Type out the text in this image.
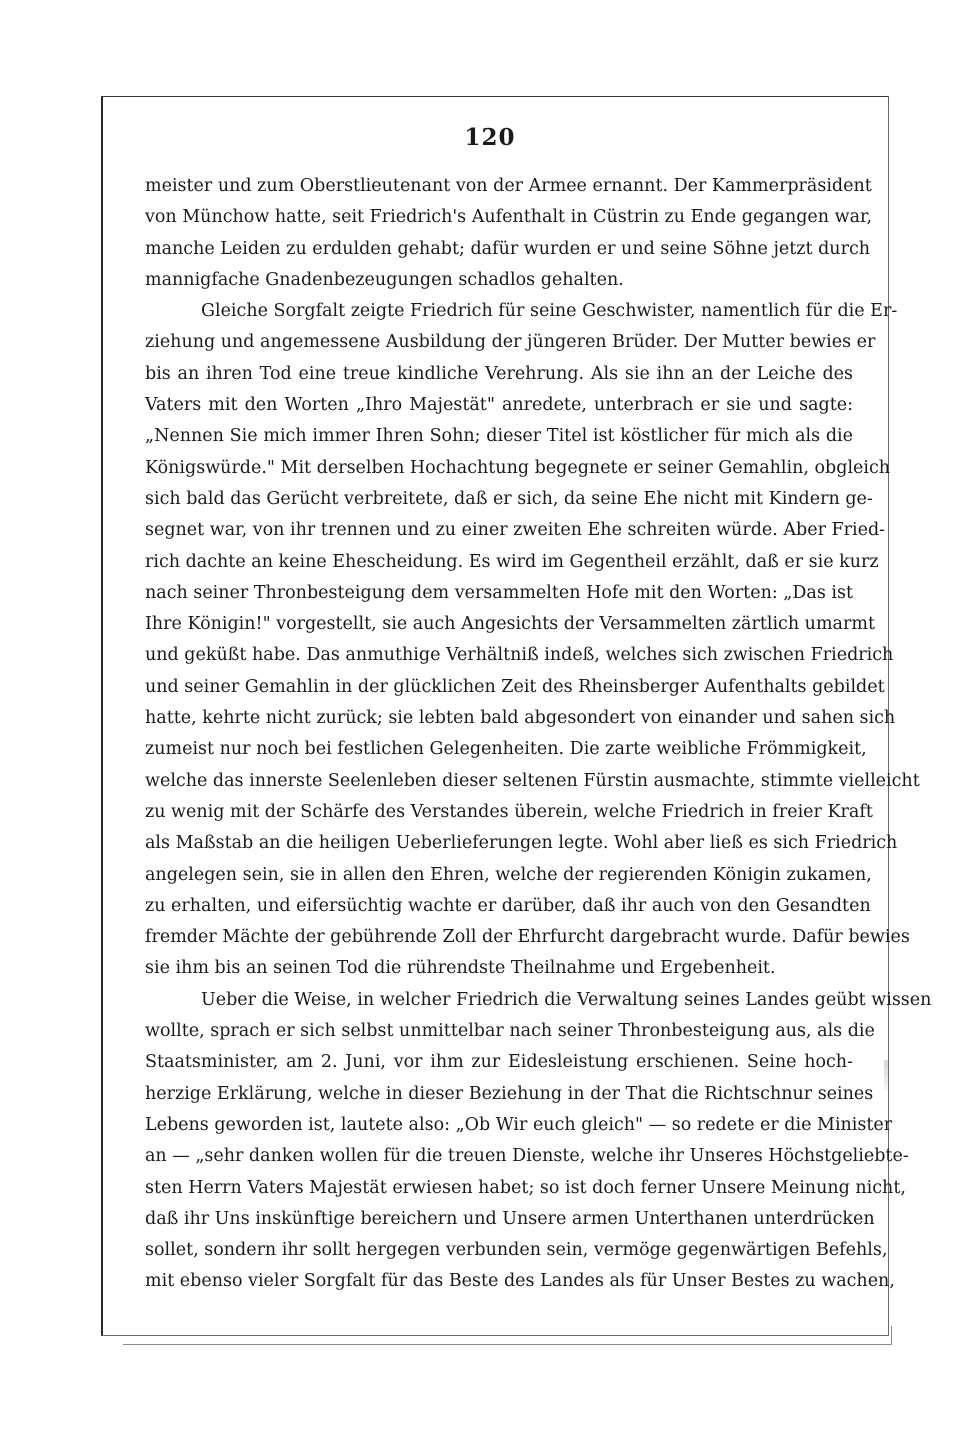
120
meister und zum Oberstlieutenant von der Armee ernannt. Der Kammerpräsident
von Münchow hatte, seit Friedrich's Aufenthalt in Cüstrin zu Ende gegangen war,
manche Leiden zu erdulden gehabt; dafür wurden er und seine Söhne jetzt durch
mannigfache Gnadenbezeugungen schadlos gehalten.
Gleiche Sorgfalt zeigte Friedrich für seine Geschwister, namentlich für die Er-
ziehung und angemessene Ausbildung der jüngeren Brüder. Der Mutter bewies er
bis an ihren Tod eine treue kindliche Verehrung. Als sie ihn an der Leiche des
Vaters mit den Worten „Ihro Majestät" anredete, unterbrach er sie und sagte:
„Nennen Sie mich immer Ihren Sohn; dieser Titel ist köstlicher für mich als die
Königswürde." Mit derselben Hochachtung begegnete er seiner Gemahlin, obgleich
sich bald das Gerücht verbreitete, daß er sich, da seine Ehe nicht mit Kindern ge-
segnet war, von ihr trennen und zu einer zweiten Ehe schreiten würde. Aber Fried-
rich dachte an keine Ehescheidung. Es wird im Gegentheil erzählt, daß er sie kurz
nach seiner Thronbesteigung dem versammelten Hofe mit den Worten: „Das ist
Ihre Königin!" vorgestellt, sie auch Angesichts der Versammelten zärtlich umarmt
und geküßt habe. Das anmuthige Verhältniß indeß, welches sich zwischen Friedrich
und seiner Gemahlin in der glücklichen Zeit des Rheinsberger Aufenthalts gebildet
hatte, kehrte nicht zurück; sie lebten bald abgesondert von einander und sahen sich
zumeist nur noch bei festlichen Gelegenheiten. Die zarte weibliche Frömmigkeit,
welche das innerste Seelenleben dieser seltenen Fürstin ausmachte, stimmte vielleicht
zu wenig mit der Schärfe des Verstandes überein, welche Friedrich in freier Kraft
als Maßstab an die heiligen Ueberlieferungen legte. Wohl aber ließ es sich Friedrich
angelegen sein, sie in allen den Ehren, welche der regierenden Königin zukamen,
zu erhalten, und eifersüchtig wachte er darüber, daß ihr auch von den Gesandten
fremder Mächte der gebührende Zoll der Ehrfurcht dargebracht wurde. Dafür bewies
sie ihm bis an seinen Tod die rührendste Theilnahme und Ergebenheit.
Ueber die Weise, in welcher Friedrich die Verwaltung seines Landes geübt wissen
wollte, sprach er sich selbst unmittelbar nach seiner Thronbesteigung aus, als die
Staatsminister, am 2. Juni, vor ihm zur Eidesleistung erschienen. Seine hoch-
herzige Erklärung, welche in dieser Beziehung in der That die Richtschnur seines
Lebens geworden ist, lautete also: „Ob Wir euch gleich" — so redete er die Minister
an — „sehr danken wollen für die treuen Dienste, welche ihr Unseres Höchstgeliebte-
sten Herrn Vaters Majestät erwiesen habet; so ist doch ferner Unsere Meinung nicht,
daß ihr Uns inskünftige bereichern und Unsere armen Unterthanen unterdrücken
sollet, sondern ihr sollt hergegen verbunden sein, vermöge gegenwärtigen Befehls,
mit ebenso vieler Sorgfalt für das Beste des Landes als für Unser Bestes zu wachen,
